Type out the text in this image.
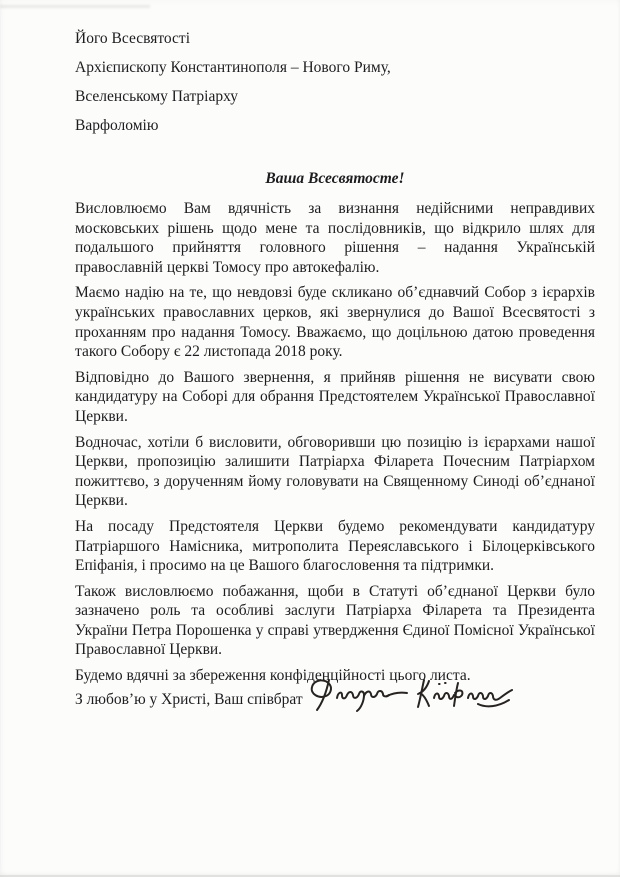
Його Всесвятості
Архієпископу Константинополя – Нового Риму,
Вселенському Патріарху
Варфоломію
Ваша Всесвятосте!

Висловлюємо Вам вдячність за визнання недійсними неправдивих московських рішень щодо мене та послідовників, що відкрило шлях для подальшого прийняття головного рішення – надання Українській православній церкві Томосу про автокефалію.

Маємо надію на те, що невдовзі буде скликано об’єднавчий Собор з ієрархів українських православних церков, які звернулися до Вашої Всесвятості з проханням про надання Томосу. Вважаємо, що доцільною датою проведення такого Собору є 22 листопада 2018 року.

Відповідно до Вашого звернення, я прийняв рішення не висувати свою кандидатуру на Соборі для обрання Предстоятелем Української Православної Церкви.

Водночас, хотіли б висловити, обговоривши цю позицію із ієрархами нашої Церкви, пропозицію залишити Патріарха Філарета Почесним Патріархом пожиттєво, з дорученням йому головувати на Священному Синоді об’єднаної Церкви.

На посаду Предстоятеля Церкви будемо рекомендувати кандидатуру Патріаршого Намісника, митрополита Переяславського і Білоцерківського Епіфанія, і просимо на це Вашого благословення та підтримки.

Також висловлюємо побажання, щоби в Статуті об’єднаної Церкви було зазначено роль та особливі заслуги Патріарха Філарета та Президента України Петра Порошенка у справі утвердження Єдиної Помісної Української Православної Церкви.

Будемо вдячні за збереження конфіденційності цього листа.

З любов’ю у Христі, Ваш співбрат
